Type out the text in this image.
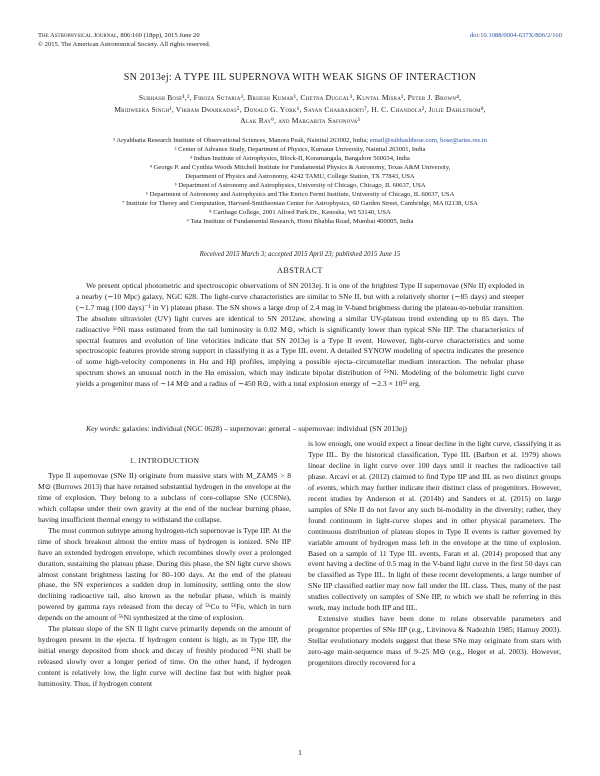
The Astrophysical Journal, 806:160 (18pp), 2015 June 20
© 2015. The American Astronomical Society. All rights reserved.
doi:10.1088/0004-637X/806/2/160
SN 2013ej: A TYPE IIL SUPERNOVA WITH WEAK SIGNS OF INTERACTION
Subhash Bose¹,², Firoza Sutaria³, Brijesh Kumar¹, Chetna Duggal³, Kuntal Misra¹, Peter J. Brown⁴,
Mridweeka Singh¹, Vikram Dwarkadas⁵, Donald G. York⁶, Sayan Chakraborti⁷, H. C. Chandola², Julie Dahlstrom⁸,
Alak Ray⁹, and Margarita Safonova³
¹ Aryabhatta Research Institute of Observational Sciences, Manora Peak, Nainital 263002, India; email@subhashbose.com, bose@aries.res.in
² Center of Advance Study, Department of Physics, Kumaun University, Nainital 263001, India
³ Indian Institute of Astrophysics, Block-II, Koramangala, Bangalore 560034, India
⁴ George P. and Cynthia Woods Mitchell Institute for Fundamental Physics & Astronomy, Texas A&M University,
Department of Physics and Astronomy, 4242 TAMU, College Station, TX 77843, USA
⁵ Department of Astronomy and Astrophysics, University of Chicago, Chicago, IL 60637, USA
⁶ Department of Astronomy and Astrophysics and The Enrico Fermi Institute, University of Chicago, IL 60637, USA
⁷ Institute for Theory and Computation, Harvard-Smithsonian Center for Astrophysics, 60 Garden Street, Cambridge, MA 02138, USA
⁸ Carthage College, 2001 Alford Park Dr., Kenosha, WI 53140, USA
⁹ Tata Institute of Fundamental Research, Homi Bhabha Road, Mumbai 400005, India
Received 2015 March 3; accepted 2015 April 23; published 2015 June 15
ABSTRACT

We present optical photometric and spectroscopic observations of SN 2013ej. It is one of the brightest Type II supernovae (SNe II) exploded in a nearby (∼10 Mpc) galaxy, NGC 628. The light-curve characteristics are similar to SNe II, but with a relatively shorter (∼85 days) and steeper (∼1.7 mag (100 days)⁻¹ in V) plateau phase. The SN shows a large drop of 2.4 mag in V-band brightness during the plateau-to-nebular transition. The absolute ultraviolet (UV) light curves are identical to SN 2012aw, showing a similar UV-plateau trend extending up to 85 days. The radioactive ⁵⁶Ni mass estimated from the tail luminosity is 0.02 M⊙, which is significantly lower than typical SNe IIP. The characteristics of spectral features and evolution of line velocities indicate that SN 2013ej is a Type II event. However, light-curve characteristics and some spectroscopic features provide strong support in classifying it as a Type IIL event. A detailed SYNOW modeling of spectra indicates the presence of some high-velocity components in Hα and Hβ profiles, implying a possible ejecta–circumstellar medium interaction. The nebular phase spectrum shows an unusual notch in the Hα emission, which may indicate bipolar distribution of ⁵⁶Ni. Modeling of the bolometric light curve yields a progenitor mass of ∼14 M⊙ and a radius of ∼450 R⊙, with a total explosion energy of ∼2.3 × 10⁵¹ erg.

Key words: galaxies: individual (NGC 0628) – supernovae: general – supernovae: individual (SN 2013ej)
1. INTRODUCTION

Type II supernovae (SNe II) originate from massive stars with M_ZAMS > 8 M⊙ (Burrows 2013) that have retained substantial hydrogen in the envelope at the time of explosion. They belong to a subclass of core-collapse SNe (CCSNe), which collapse under their own gravity at the end of the nuclear burning phase, having insufficient thermal energy to withstand the collapse.

The most common subtype among hydrogen-rich supernovae is Type IIP. At the time of shock breakout almost the entire mass of hydrogen is ionized. SNe IIP have an extended hydrogen envelope, which recombines slowly over a prolonged duration, sustaining the plateau phase. During this phase, the SN light curve shows almost constant brightness lasting for 80–100 days. At the end of the plateau phase, the SN experiences a sudden drop in luminosity, settling onto the slow declining radioactive tail, also known as the nebular phase, which is mainly powered by gamma rays released from the decay of ⁵⁶Co to ⁵⁶Fe, which in turn depends on the amount of ⁵⁶Ni synthesized at the time of explosion.

The plateau slope of the SN II light curve primarily depends on the amount of hydrogen present in the ejecta. If hydrogen content is high, as in Type IIP, the initial energy deposited from shock and decay of freshly produced ⁵⁶Ni shall be released slowly over a longer period of time. On the other hand, if hydrogen content is relatively low, the light curve will decline fast but with higher peak luminosity. Thus, if hydrogen content

is low enough, one would expect a linear decline in the light curve, classifying it as Type IIL. By the historical classification, Type IIL (Barbon et al. 1979) shows linear decline in light curve over 100 days until it reaches the radioactive tail phase. Arcavi et al. (2012) claimed to find Type IIP and IIL as two distinct groups of events, which may further indicate their distinct class of progenitors. However, recent studies by Anderson et al. (2014b) and Sanders et al. (2015) on large samples of SNe II do not favor any such bi-modality in the diversity; rather, they found continuum in light-curve slopes and in other physical parameters. The continuous distribution of plateau slopes in Type II events is rather governed by variable amount of hydrogen mass left in the envelope at the time of explosion. Based on a sample of 11 Type IIL events, Faran et al. (2014) proposed that any event having a decline of 0.5 mag in the V-band light curve in the first 50 days can be classified as Type IIL. In light of these recent developments, a large number of SNe IIP classified earlier may now fall under the IIL class. Thus, many of the past studies collectively on samples of SNe IIP, to which we shall be referring in this work, may include both IIP and IIL.

Extensive studies have been done to relate observable parameters and progenitor properties of SNe IIP (e.g., Litvinova & Nadezhin 1985; Hamuy 2003). Stellar evolutionary models suggest that these SNe may originate from stars with zero-age main-sequence mass of 9–25 M⊙ (e.g., Heger et al. 2003). However, progenitors directly recovered for a

1
